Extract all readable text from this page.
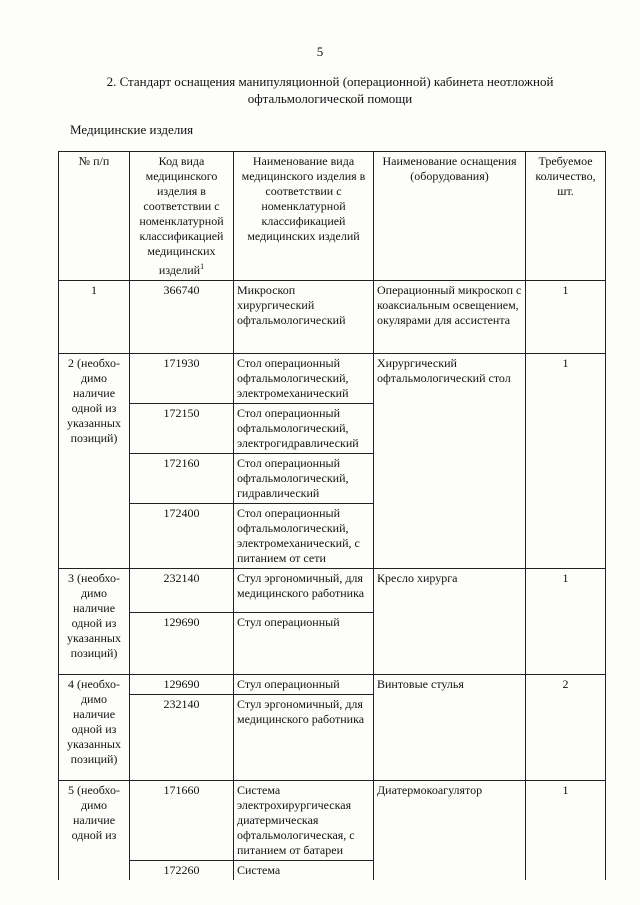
5
2. Стандарт оснащения манипуляционной (операционной) кабинета неотложной офтальмологической помощи
Медицинские изделия
№ п/п	Код вида медицинского изделия в соответствии с номенклатурной классификацией медицинских изделий$^1$	Наименование вида медицинского изделия в соответствии с номенклатурной классификацией медицинских изделий	Наименование оснащения (оборудования)	Требуемое количество, шт.
1	366740	Микроскоп хирургический офтальмологический	Операционный микроскоп с коаксиальным освещением, окулярами для ассистента	1
2 (необхо-димо наличие одной из указанных позиций)	171930	Стол операционный офтальмологический, электромеханический	Хирургический офтальмологический стол	1
	172150	Стол операционный офтальмологический, электрогидравлический		
	172160	Стол операционный офтальмологический, гидравлический		
	172400	Стол операционный офтальмологический, электромеханический, с питанием от сети		
3 (необхо-димо наличие одной из указанных позиций)	232140	Стул эргономичный, для медицинского работника	Кресло хирурга	1
	129690	Стул операционный		
4 (необхо-димо наличие одной из указанных позиций)	129690	Стул операционный	Винтовые стулья	2
	232140	Стул эргономичный, для медицинского работника		
5 (необхо-димо наличие одной из	171660	Система электрохирургическая диатермическая офтальмологическая, с питанием от батареи	Диатермокоагулятор	1
	172260	Система		
